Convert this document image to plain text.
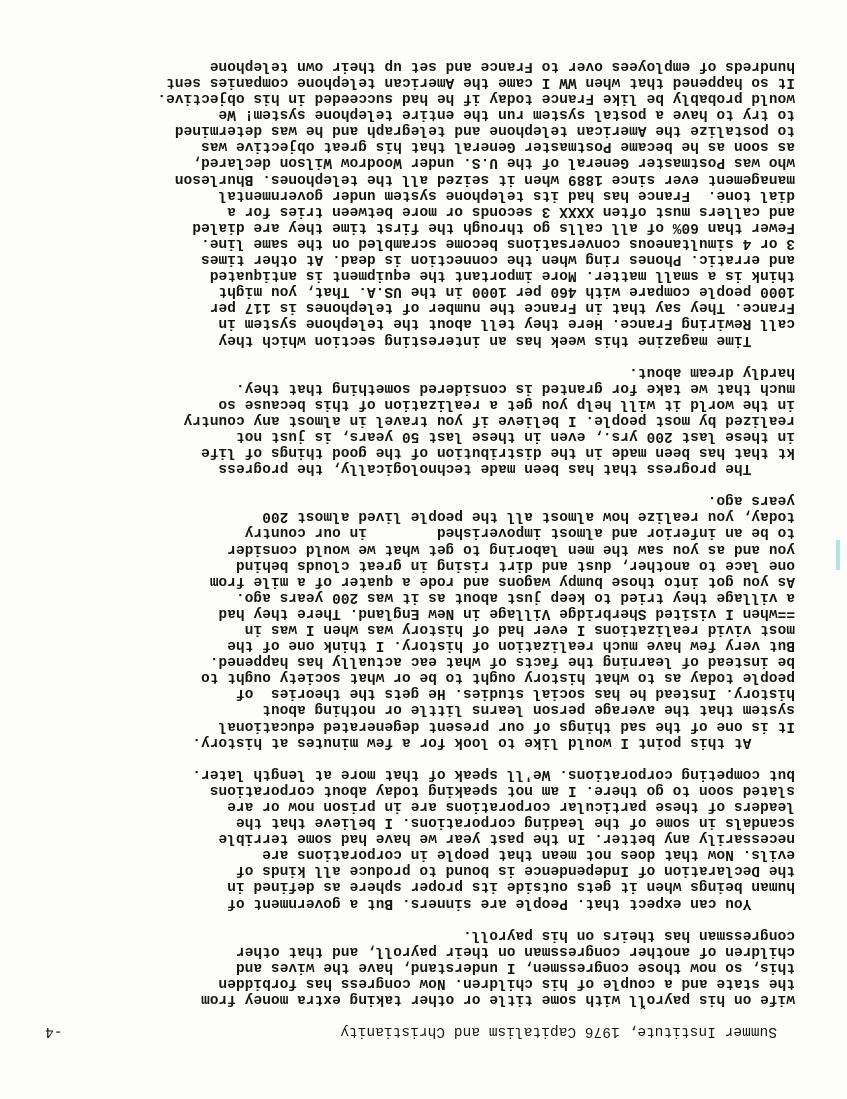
Summer Institute, 1976 Capitalism and Christianity
-4
wife on his payrol̆l with some title or other taking extra money from
the state and a couple of his children. Now congress has forbidden
this, so now those congressmen, I understand, have the wives and
children of another congressman on their payroll, and that other
congressman has theirs on his payroll.
You can expect that. People are sinners. But a government of
human beings when it gets outside its proper sphere as defined in
the Declaration of Independence is bound to produce all kinds of
evils. Now that does not mean that people in corporations are
necessarily any better. In the past year we have had some terrible
scandals in some of the leading corporations. I believe that the
leaders of these particular corporations are in prison now or are
slated soon to go there. I am not speaking today about corporations
but competing corporations. We'll speak of that more at length later.
At this point I would like to look for a few minutes at history.
It is one of the sad things of our present degenerated educational
system that the average person learns little or nothing about
history. Instead he has social studies. He gets the theories  of
people today as to what history ought to be or what society ought to
be instead of learning the facts of what eac actually has happened.
But very few have much realization of history. I think one of the
most vivid realizations I ever had of history was when I was in
==when I visited Sherbridge Village in New England. There they had
a village they tried to keep just about as it was 200 years ago.
As you got into those bumpy wagons and rode a quater of a mile from
one lace to another, dust and dirt rising in great clouds behind
you and as you saw the men laboring to get what we would consider
to be an inferior and almost impoverished        in our country
today, you realize how almost all the people lived almost 200
years ago.
The progress that has been made technologically, the progress
kt that has been made in the distribution of the good things of life
in these last 200 yrs., even in these last 50 years, is just not
realized by most people. I believe if you travel in almost any country
in the world it will help you get a realization of this because so
much that we take for granted is considered something that they.
hardly dream about.
Time magazine this week has an interesting section which they
call Rewiring France. Here they tell about the telephone system in
France. They say that in France the number of telephones is 117 per
1000 people compare with 460 per 1000 in the US.A. That, you might
think is a small matter. More important the equipment is antiquated
and erratic. Phones ring when the connection is dead. At other times
3 or 4 simultaneous conversations become scrambled on the same line.
Fewer than 60% of all calls go through the first time they are dialed
and callers must often XXXX 3 seconds or more between tries for a
dial tone.  France has had its telephone system under governmental
management ever since 1889 when it seized all the telephones. Bhurleson
who was Postmaster General of the U.S. under Woodrow Wilson declared,
as soon as he became Postmaster General that his great objective was
to postalize the American telephone and telegraph and he was determined
to try to have a postal system run the entire telephone system! We
would probably be like France today if he had succeeded in his objective.
It so happened that when WW I came the American telephone companies sent
hundreds of employees over to France and set up their own telephone
